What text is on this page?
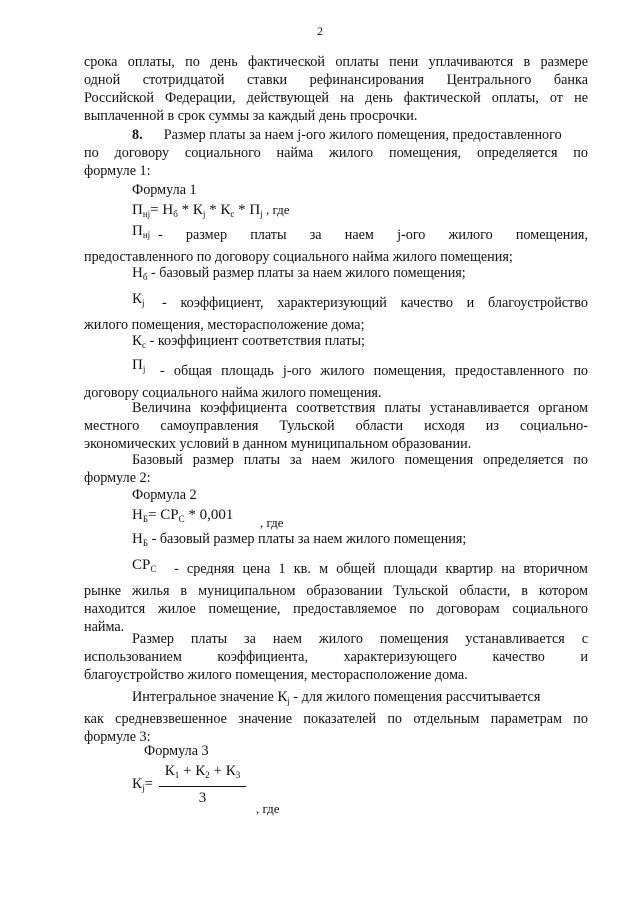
2
срока оплаты, по день фактической оплаты пени уплачиваются в размере
одной стотридцатой ставки рефинансирования Центрального банка
Российской Федерации, действующей на день фактической оплаты, от не
выплаченной в срок суммы за каждый день просрочки.
8. Размер платы за наем j-ого жилого помещения, предоставленного
по договору социального найма жилого помещения, определяется по
формуле 1:
Формула 1
$П_{нj}= Н_б * К_j * К_с * П_j$ , где
$П_{нj}$ - размер платы за наем j-ого жилого помещения,
предоставленного по договору социального найма жилого помещения;
$Н_б$ - базовый размер платы за наем жилого помещения;
$К_j$	- коэффициент, характеризующий качество и благоустройство
жилого помещения, месторасположение дома;
$К_с$ - коэффициент соответствия платы;
$П_j$	- общая площадь j-ого жилого помещения, предоставленного по
договору социального найма жилого помещения.
Величина коэффициента соответствия платы устанавливается органом
местного самоуправления Тульской области исходя из социально-
экономических условий в данном муниципальном образовании.
Базовый размер платы за наем жилого помещения определяется по
формуле 2:
Формула 2
$Н_Б= СР_С * 0,001$	, где
$Н_Б$ - базовый размер платы за наем жилого помещения;
$СР_С$	- средняя цена 1 кв. м общей площади квартир на вторичном
рынке жилья в муниципальном образовании Тульской области, в котором
находится жилое помещение, предоставляемое по договорам социального
найма.
Размер платы за наем жилого помещения устанавливается с
использованием коэффициента, характеризующего качество и
благоустройство жилого помещения, месторасположение дома.
Интегральное значение $К_j$ - для жилого помещения рассчитывается
как средневзвешенное значение показателей по отдельным параметрам по
формуле 3:
Формула 3
$К_j= \frac{К_1 + К_2 + К_3}{3}$
, где
